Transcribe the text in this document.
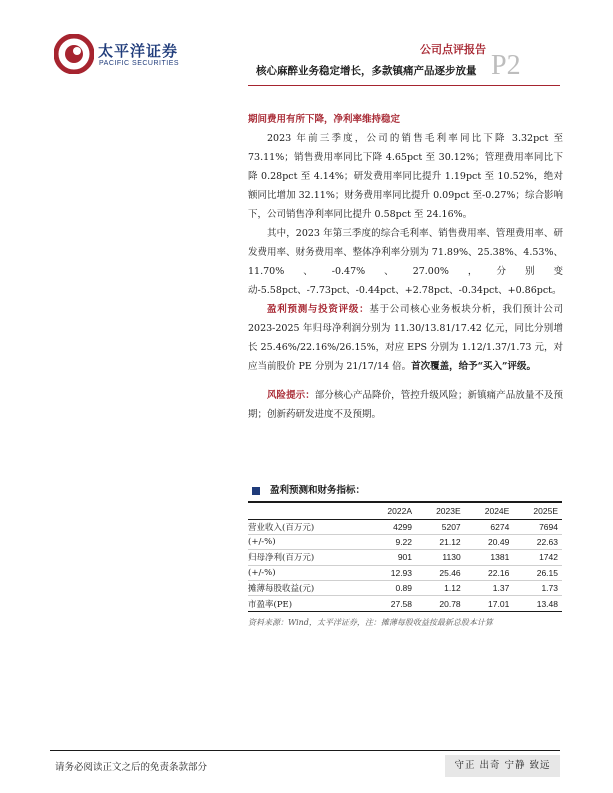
太平洋证券
PACIFIC SECURITIES
公司点评报告
核心麻醉业务稳定增长，多款镇痛产品逐步放量 P2
期间费用有所下降，净利率维持稳定

2023 年前三季度，公司的销售毛利率同比下降 3.32pct 至 73.11%；销售费用率同比下降 4.65pct 至 30.12%；管理费用率同比下降 0.28pct 至 4.14%；研发费用率同比提升 1.19pct 至 10.52%，绝对额同比增加 32.11%；财务费用率同比提升 0.09pct 至-0.27%；综合影响下，公司销售净利率同比提升 0.58pct 至 24.16%。

其中，2023 年第三季度的综合毛利率、销售费用率、管理费用率、研发费用率、财务费用率、整体净利率分别为 71.89%、25.38%、4.53%、11.70%、-0.47%、27.00%，分别变动-5.58pct、-7.73pct、-0.44pct、+2.78pct、-0.34pct、+0.86pct。

盈利预测与投资评级：基于公司核心业务板块分析，我们预计公司 2023-2025 年归母净利润分别为 11.30/13.81/17.42 亿元，同比分别增长 25.46%/22.16%/26.15%，对应 EPS 分别为 1.12/1.37/1.73 元，对应当前股价 PE 分别为 21/17/14 倍。首次覆盖，给予“买入”评级。

风险提示：部分核心产品降价，管控升级风险；新镇痛产品放量不及预期；创新药研发进度不及预期。

盈利预测和财务指标：
	2022A	2023E	2024E	2025E
营业收入(百万元)	4299	5207	6274	7694
(+/-%)	9.22	21.12	20.49	22.63
归母净利(百万元)	901	1130	1381	1742
(+/-%)	12.93	25.46	22.16	26.15
摊薄每股收益(元)	0.89	1.12	1.37	1.73
市盈率(PE)	27.58	20.78	17.01	13.48
资料来源：Wind，太平洋证券，注：摊薄每股收益按最新总股本计算
请务必阅读正文之后的免责条款部分	守正 出奇 宁静 致远
